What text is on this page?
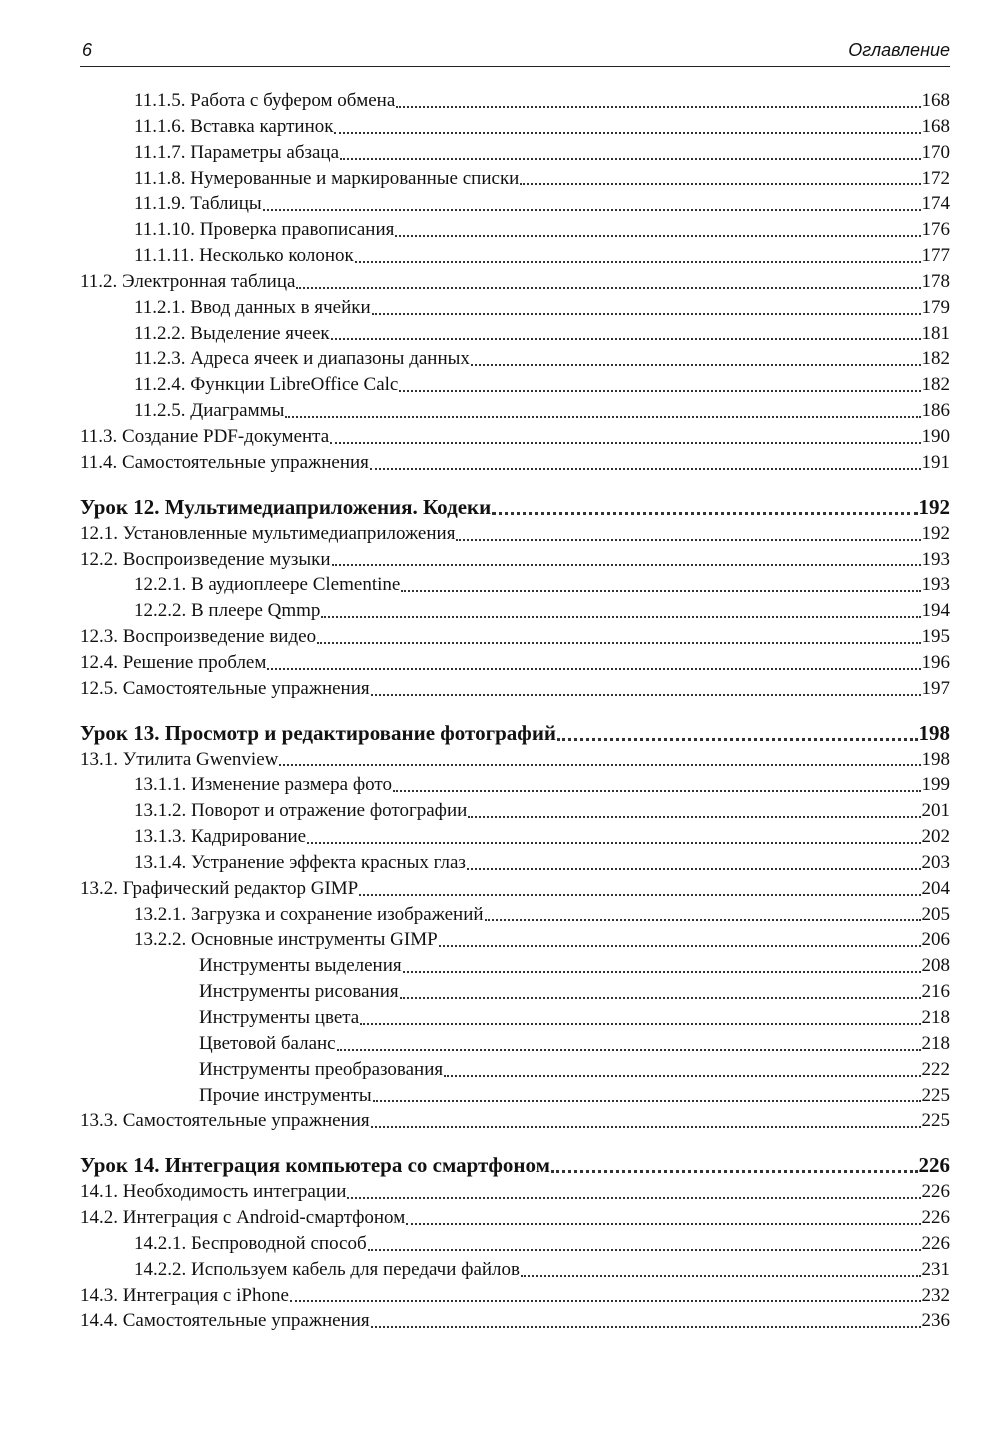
6	Оглавление
11.1.5. Работа с буфером обмена	168
11.1.6. Вставка картинок	168
11.1.7. Параметры абзаца	170
11.1.8. Нумерованные и маркированные списки	172
11.1.9. Таблицы	174
11.1.10. Проверка правописания	176
11.1.11. Несколько колонок	177
11.2. Электронная таблица	178
11.2.1. Ввод данных в ячейки	179
11.2.2. Выделение ячеек	181
11.2.3. Адреса ячеек и диапазоны данных	182
11.2.4. Функции LibreOffice Calc	182
11.2.5. Диаграммы	186
11.3. Создание PDF-документа	190
11.4. Самостоятельные упражнения	191
Урок 12. Мультимедиаприложения. Кодеки	192
12.1. Установленные мультимедиаприложения	192
12.2. Воспроизведение музыки	193
12.2.1. В аудиоплеере Clementine	193
12.2.2. В плеере Qmmp	194
12.3. Воспроизведение видео	195
12.4. Решение проблем	196
12.5. Самостоятельные упражнения	197
Урок 13. Просмотр и редактирование фотографий	198
13.1. Утилита Gwenview	198
13.1.1. Изменение размера фото	199
13.1.2. Поворот и отражение фотографии	201
13.1.3. Кадрирование	202
13.1.4. Устранение эффекта красных глаз	203
13.2. Графический редактор GIMP	204
13.2.1. Загрузка и сохранение изображений	205
13.2.2. Основные инструменты GIMP	206
Инструменты выделения	208
Инструменты рисования	216
Инструменты цвета	218
Цветовой баланс	218
Инструменты преобразования	222
Прочие инструменты	225
13.3. Самостоятельные упражнения	225
Урок 14. Интеграция компьютера со смартфоном	226
14.1. Необходимость интеграции	226
14.2. Интеграция с Android-смартфоном	226
14.2.1. Беспроводной способ	226
14.2.2. Используем кабель для передачи файлов	231
14.3. Интеграция с iPhone	232
14.4. Самостоятельные упражнения	236
